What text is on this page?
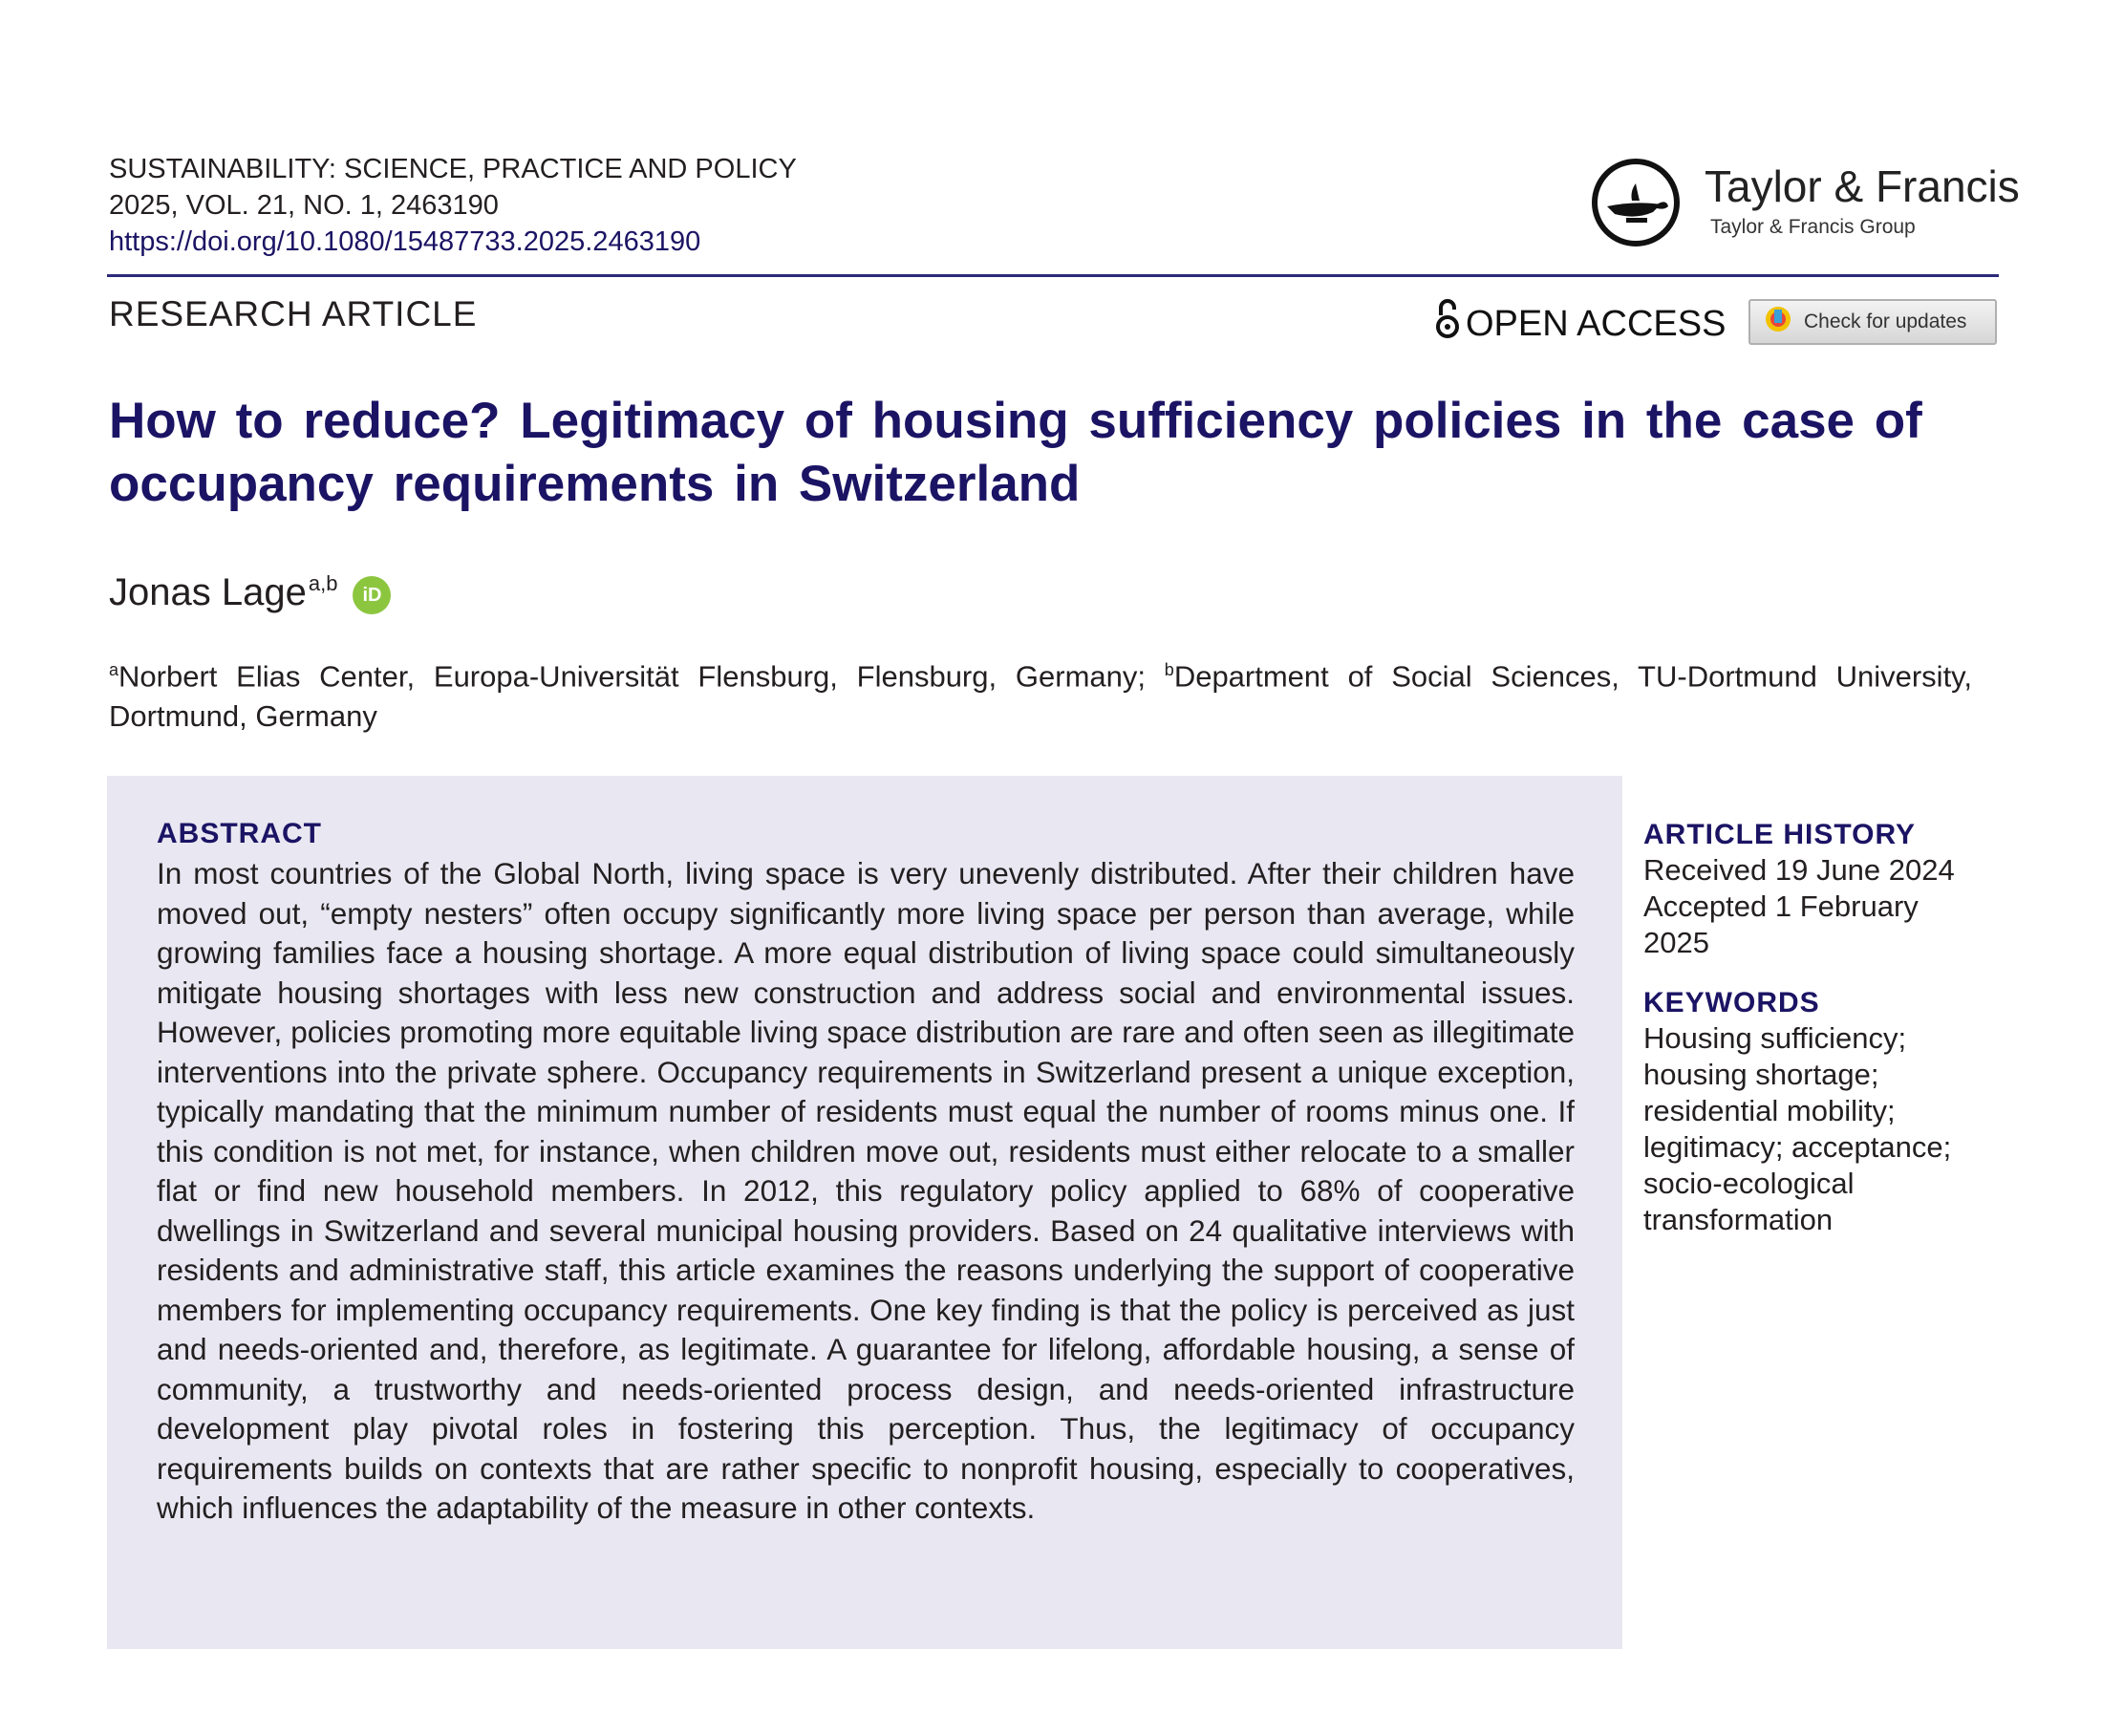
SUSTAINABILITY: SCIENCE, PRACTICE AND POLICY
2025, VOL. 21, NO. 1, 2463190
https://doi.org/10.1080/15487733.2025.2463190
Taylor & Francis
Taylor & Francis Group
RESEARCH ARTICLE	OPEN ACCESS	Check for updates
How to reduce? Legitimacy of housing sufficiency policies in the case of occupancy requirements in Switzerland
Jonas Lage$^{a,b}$	iD
$^a$Norbert Elias Center, Europa-Universität Flensburg, Flensburg, Germany; $^b$Department of Social Sciences, TU-Dortmund University, Dortmund, Germany
ABSTRACT
In most countries of the Global North, living space is very unevenly distributed. After their children have moved out, “empty nesters” often occupy significantly more living space per person than average, while growing families face a housing shortage. A more equal distribution of living space could simultaneously mitigate housing shortages with less new construction and address social and environmental issues. However, policies promoting more equitable living space distribution are rare and often seen as illegitimate interventions into the private sphere. Occupancy requirements in Switzerland present a unique exception, typically mandating that the minimum number of residents must equal the number of rooms minus one. If this condition is not met, for instance, when children move out, residents must either relocate to a smaller flat or find new household members. In 2012, this regulatory policy applied to 68% of cooperative dwellings in Switzerland and several municipal housing providers. Based on 24 qualitative interviews with residents and administrative staff, this article examines the reasons underlying the support of cooperative members for implementing occupancy requirements. One key finding is that the policy is perceived as just and needs-oriented and, therefore, as legitimate. A guarantee for lifelong, affordable housing, a sense of community, a trustworthy and needs-oriented process design, and needs-oriented infrastructure development play pivotal roles in fostering this perception. Thus, the legitimacy of occupancy requirements builds on contexts that are rather specific to nonprofit housing, especially to cooperatives, which influences the adaptability of the measure in other contexts.
ARTICLE HISTORY
Received 19 June 2024
Accepted 1 February 2025
KEYWORDS
Housing sufficiency;
housing shortage;
residential mobility;
legitimacy; acceptance;
socio-ecological
transformation
